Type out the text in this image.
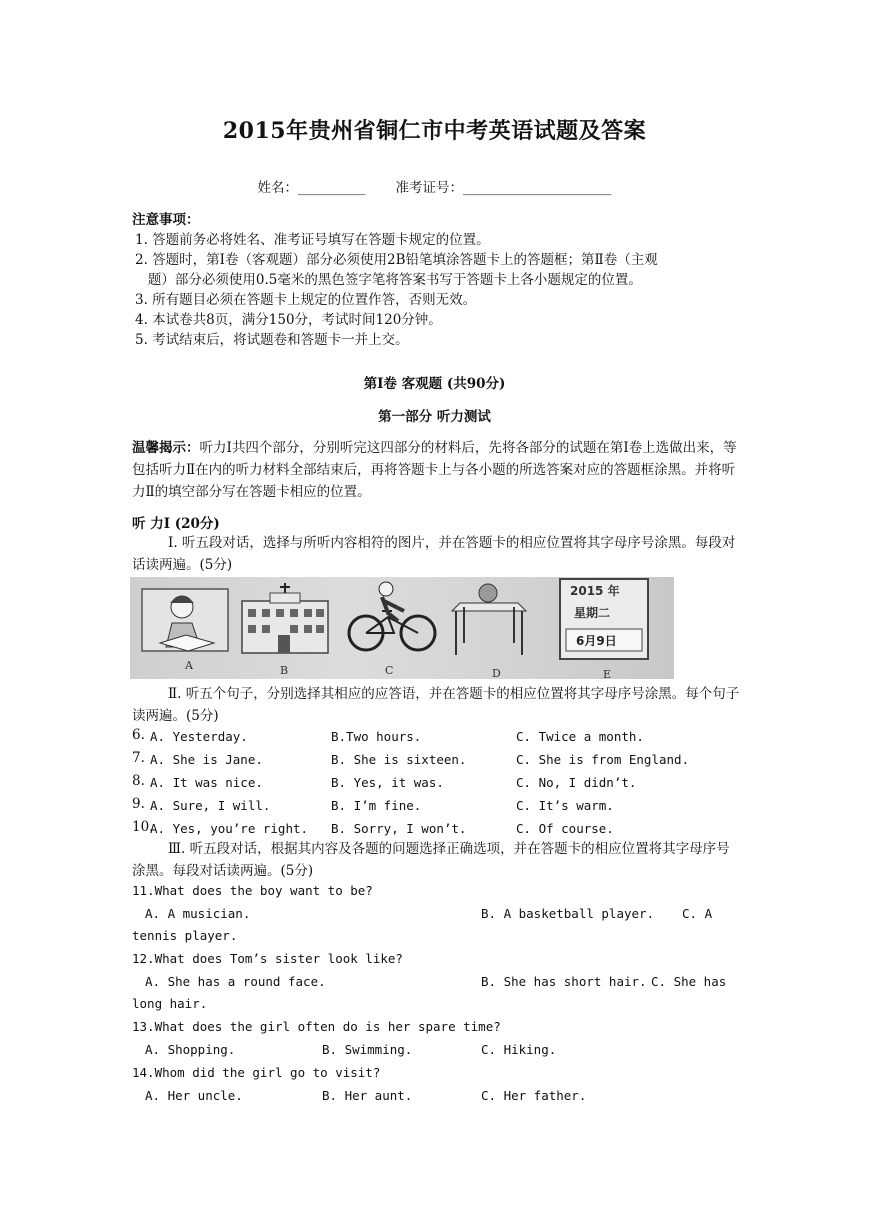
2015年贵州省铜仁市中考英语试题及答案
姓名：__________ 准考证号：______________________
注意事项：
1. 答题前务必将姓名、准考证号填写在答题卡规定的位置。
2. 答题时，第Ⅰ卷（客观题）部分必须使用2B铅笔填涂答题卡上的答题框；第Ⅱ卷（主观
题）部分必须使用0.5毫米的黑色签字笔将答案书写于答题卡上各小题规定的位置。
3. 所有题目必须在答题卡上规定的位置作答，否则无效。
4. 本试卷共8页，满分150分，考试时间120分钟。
5. 考试结束后，将试题卷和答题卡一并上交。
第Ⅰ卷 客观题 (共90分)
第一部分 听力测试
温馨揭示：听力Ⅰ共四个部分，分别听完这四部分的材料后，先将各部分的试题在第Ⅰ卷上选做出来，等包括听力Ⅱ在内的听力材料全部结束后，再将答题卡上与各小题的所选答案对应的答题框涂黑。并将听力Ⅱ的填空部分写在答题卡相应的位置。
听 力Ⅰ (20分)
Ⅰ. 听五段对话，选择与所听内容相符的图片，并在答题卡的相应位置将其字母序号涂黑。每段对话读两遍。(5分)
A	B	C	D
2015 年
星期二
6月9日
E
Ⅱ. 听五个句子，分别选择其相应的应答语，并在答题卡的相应位置将其字母序号涂黑。每个句子读两遍。(5分)
6. A. Yesterday.	B.Two hours.	C. Twice a month.
7. A. She is Jane.	B. She is sixteen.	C. She is from England.
8. A. It was nice.	B. Yes, it was.	C. No, I didn’t.
9. A. Sure, I will.	B. I’m fine.	C. It’s warm.
10.
A. Yes, you’re right. B. Sorry, I won’t.	C. Of course.
Ⅲ. 听五段对话，根据其内容及各题的问题选择正确选项，并在答题卡的相应位置将其字母序号涂黑。每段对话读两遍。(5分)
11.What does the boy want to be?
A. A musician.	B. A basketball player. C. A
tennis player.
12.What does Tom’s sister look like?
A. She has a round face.	B. She has short hair. C. She has
long hair.
13.What does the girl often do is her spare time?
A. Shopping.	B. Swimming.	C. Hiking.
14.Whom did the girl go to visit?
A. Her uncle.	B. Her aunt.	C. Her father.
